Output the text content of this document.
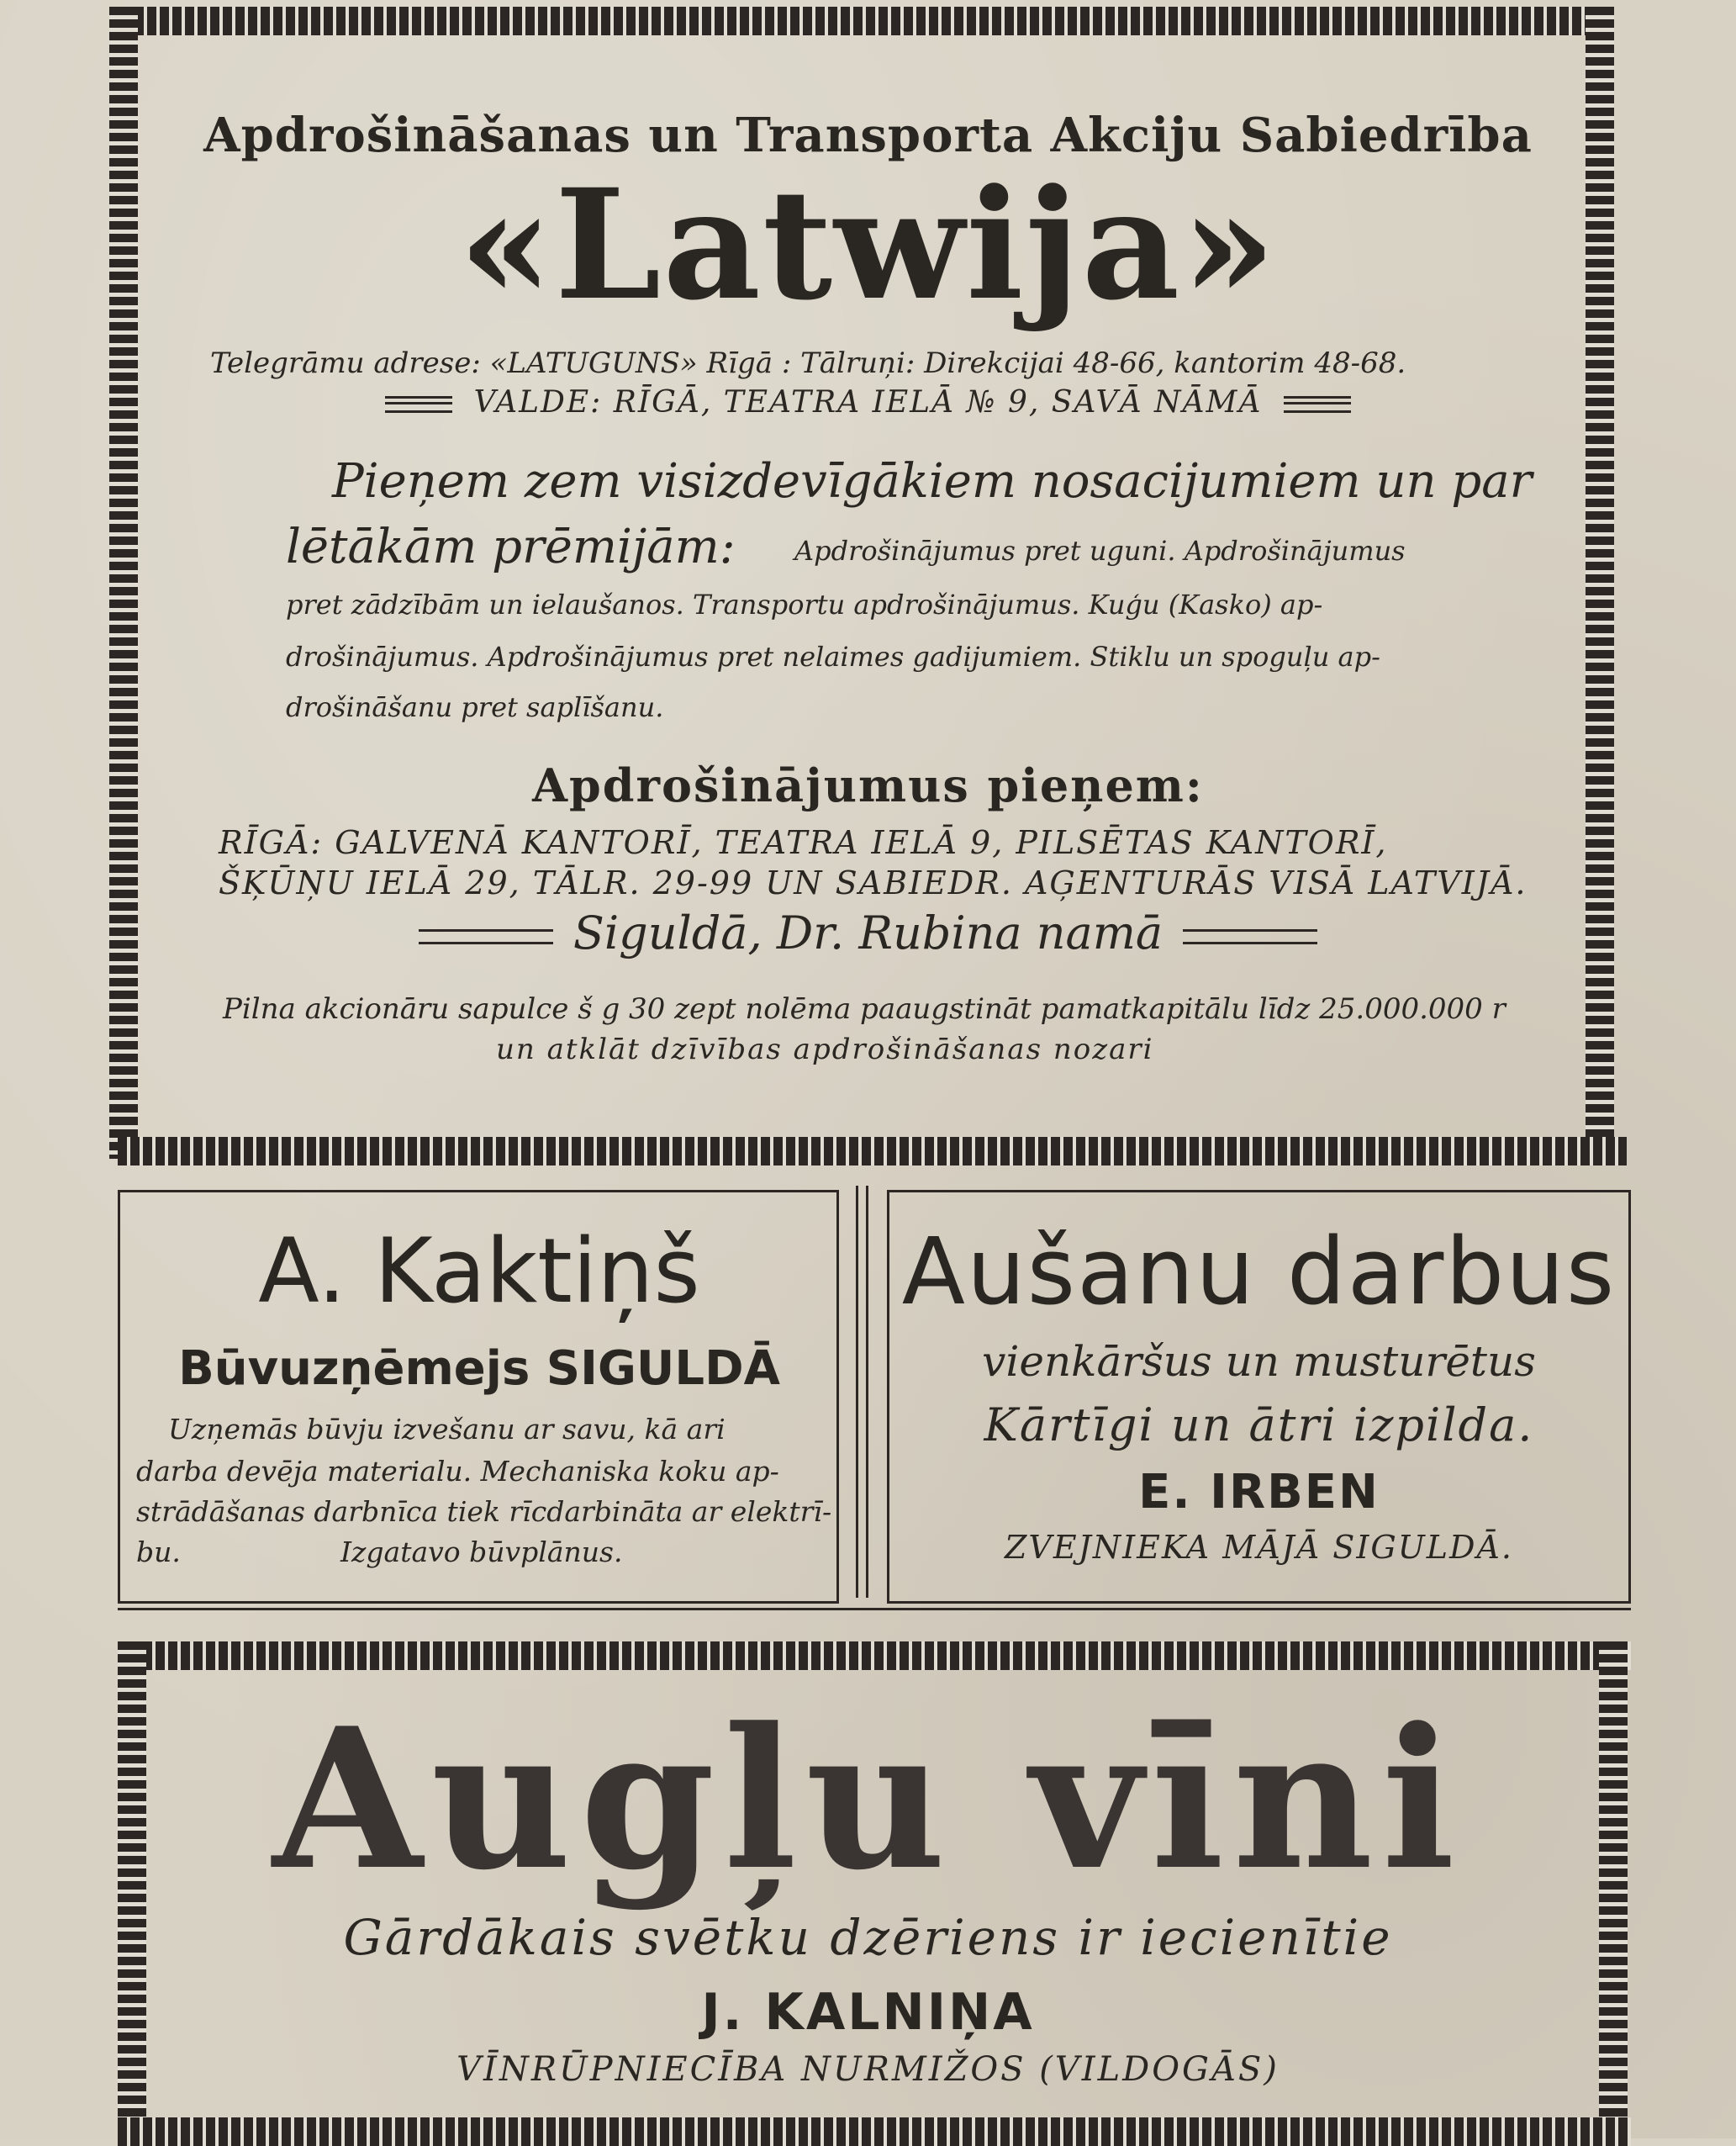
Apdrošināšanas un Transporta Akciju Sabiedrība
«Latwija»
Telegrāmu adrese: «LATUGUNS» Rīgā : Tālruņi: Direkcijai 48-66, kantorim 48-68.
VALDE: RĪGĀ, TEATRA IELĀ № 9, SAVĀ NĀMĀ
Pieņem zem visizdevīgākiem nosacijumiem un par
lētākām prēmijām: Apdrošinājumus pret uguni. Apdrošinājumus
pret zādzībām un ielaušanos. Transportu apdrošinājumus. Kuģu (Kasko) ap-
drošinājumus. Apdrošinājumus pret nelaimes gadijumiem. Stiklu un spoguļu ap-
drošināšanu pret saplīšanu.
Apdrošinājumus pieņem:
RĪGĀ: GALVENĀ KANTORĪ, TEATRA IELĀ 9, PILSĒTAS KANTORĪ,
ŠĶŪŅU IELĀ 29, TĀLR. 29-99 UN SABIEDR. AĢENTURĀS VISĀ LATVIJĀ.
Siguldā, Dr. Rubina namā
Pilna akcionāru sapulce š g 30 zept nolēma paaugstināt pamatkapitālu līdz 25.000.000 r
un atklāt dzīvības apdrošināšanas nozari
A. Kaktiņš
Būvuzņēmejs SIGULDĀ
Uzņemās būvju izvešanu ar savu, kā ari
darba devēja materialu. Mechaniska koku ap-
strādāšanas darbnīca tiek rīcdarbināta ar elektrī-
bu.	Izgatavo būvplānus.
Aušanu darbus
vienkāršus un musturētus
Kārtīgi un ātri izpilda.
E. IRBEN
ZVEJNIEKA MĀJĀ SIGULDĀ.
Augļu vīni
Gārdākais svētku dzēriens ir iecienītie
J. KALNIŅA
VĪNRŪPNIECĪBA NURMIŽOS (VILDOGĀS)
